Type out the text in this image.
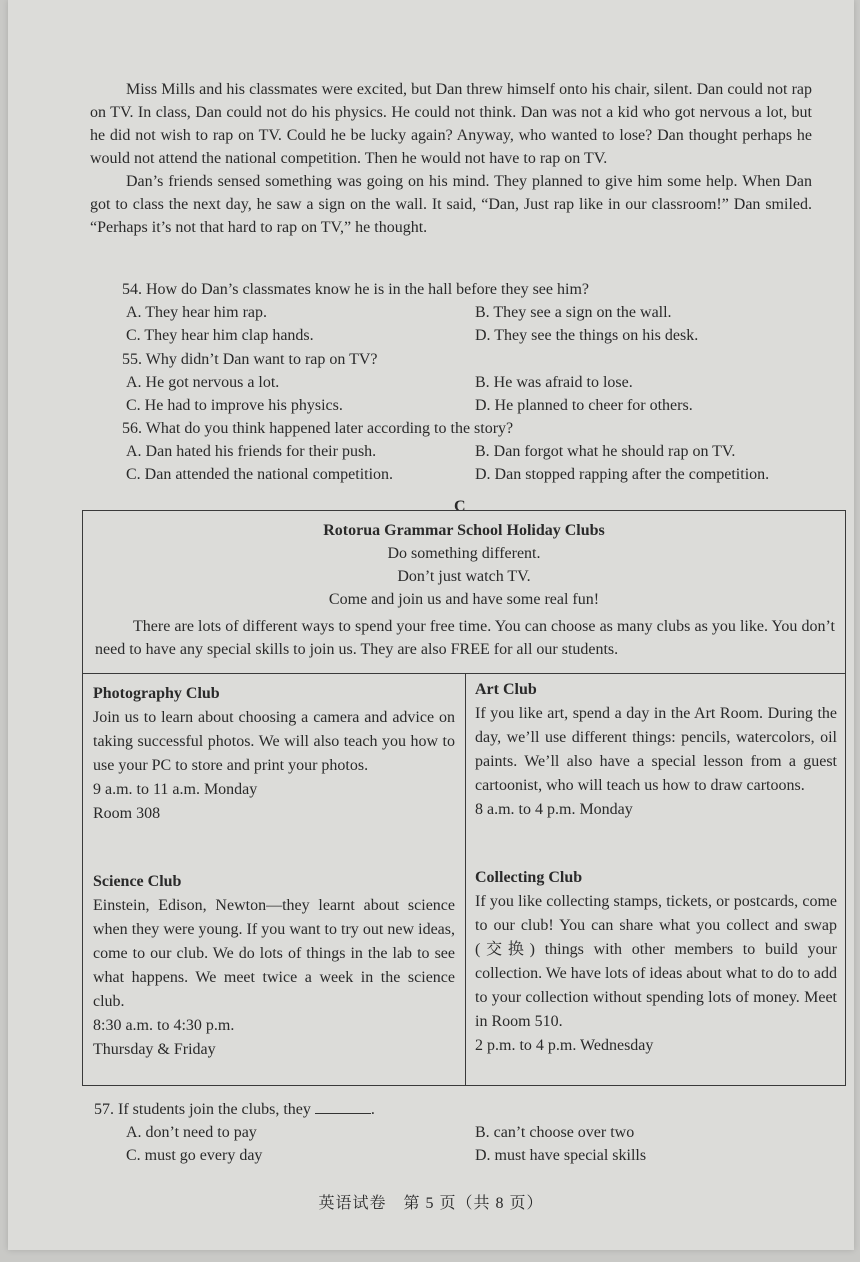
Miss Mills and his classmates were excited, but Dan threw himself onto his chair, silent. Dan could not rap on TV. In class, Dan could not do his physics. He could not think. Dan was not a kid who got nervous a lot, but he did not wish to rap on TV. Could he be lucky again? Anyway, who wanted to lose? Dan thought perhaps he would not attend the national competition. Then he would not have to rap on TV.

Dan’s friends sensed something was going on his mind. They planned to give him some help. When Dan got to class the next day, he saw a sign on the wall. It said, “Dan, Just rap like in our classroom!” Dan smiled. “Perhaps it’s not that hard to rap on TV,” he thought.

54. How do Dan’s classmates know he is in the hall before they see him?

A. They hear him rap.	B. They see a sign on the wall.
C. They hear him clap hands.	D. They see the things on his desk.

55. Why didn’t Dan want to rap on TV?

A. He got nervous a lot.	B. He was afraid to lose.
C. He had to improve his physics.	D. He planned to cheer for others.

56. What do you think happened later according to the story?

A. Dan hated his friends for their push.	B. Dan forgot what he should rap on TV.
C. Dan attended the national competition.	D. Dan stopped rapping after the competition.
C
Rotorua Grammar School Holiday Clubs
Do something different.
Don’t just watch TV.
Come and join us and have some real fun!

There are lots of different ways to spend your free time. You can choose as many clubs as you like. You don’t need to have any special skills to join us. They are also FREE for all our students.

Photography Club
Join us to learn about choosing a camera and advice on taking successful photos. We will also teach you how to use your PC to store and print your photos.
9 a.m. to 11 a.m. Monday
Room 308
Art Club
If you like art, spend a day in the Art Room. During the day, we’ll use different things: pencils, watercolors, oil paints. We’ll also have a special lesson from a guest cartoonist, who will teach us how to draw cartoons.
8 a.m. to 4 p.m. Monday
Science Club
Einstein, Edison, Newton—they learnt about science when they were young. If you want to try out new ideas, come to our club. We do lots of things in the lab to see what happens. We meet twice a week in the science club.
8:30 a.m. to 4:30 p.m.
Thursday & Friday
Collecting Club
If you like collecting stamps, tickets, or postcards, come to our club! You can share what you collect and swap (交换) things with other members to build your collection. We have lots of ideas about what to do to add to your collection without spending lots of money. Meet in Room 510.
2 p.m. to 4 p.m. Wednesday

57. If students join the clubs, they	.

A. don’t need to pay	B. can’t choose over two
C. must go every day	D. must have special skills
英语试卷　第 5 页（共 8 页）
